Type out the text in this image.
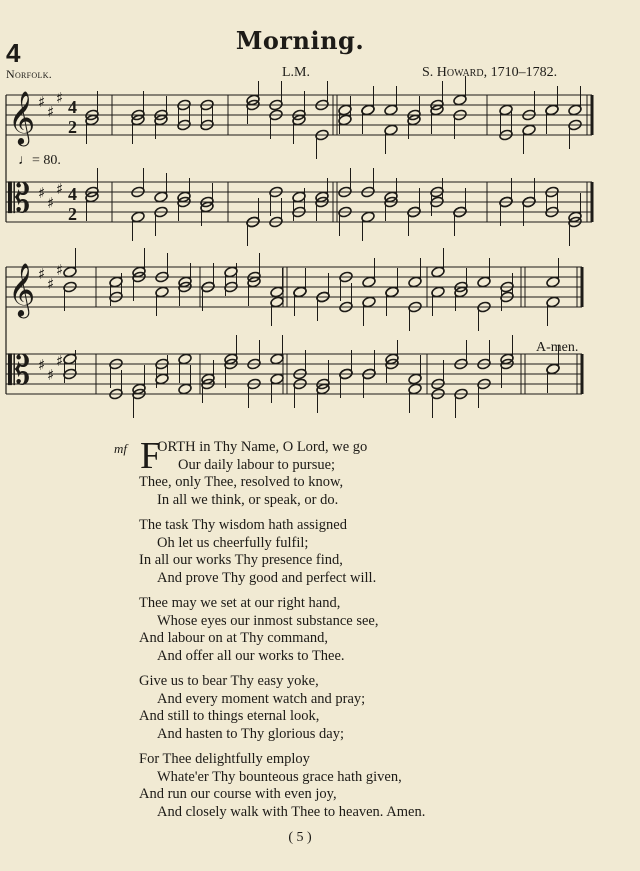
4	Morning.
Norfolk.	L.M.	S. Howard, 1710–1782.
𝄞
𝄡
♯
♯
♯
♯
♯
♯
4
2
4
2
𝄞
𝄡
♯
♯
♯
♯
♯
♯
♩= 80.
A-men.
mf F
ORTH in Thy Name, O Lord, we go
Our daily labour to pursue;
Thee, only Thee, resolved to know,
In all we think, or speak, or do.
The task Thy wisdom hath assigned
Oh let us cheerfully fulfil;
In all our works Thy presence find,
And prove Thy good and perfect will.
Thee may we set at our right hand,
Whose eyes our inmost substance see,
And labour on at Thy command,
And offer all our works to Thee.
Give us to bear Thy easy yoke,
And every moment watch and pray;
And still to things eternal look,
And hasten to Thy glorious day;
For Thee delightfully employ
Whate'er Thy bounteous grace hath given,
And run our course with even joy,
And closely walk with Thee to heaven. Amen.
( 5 )
